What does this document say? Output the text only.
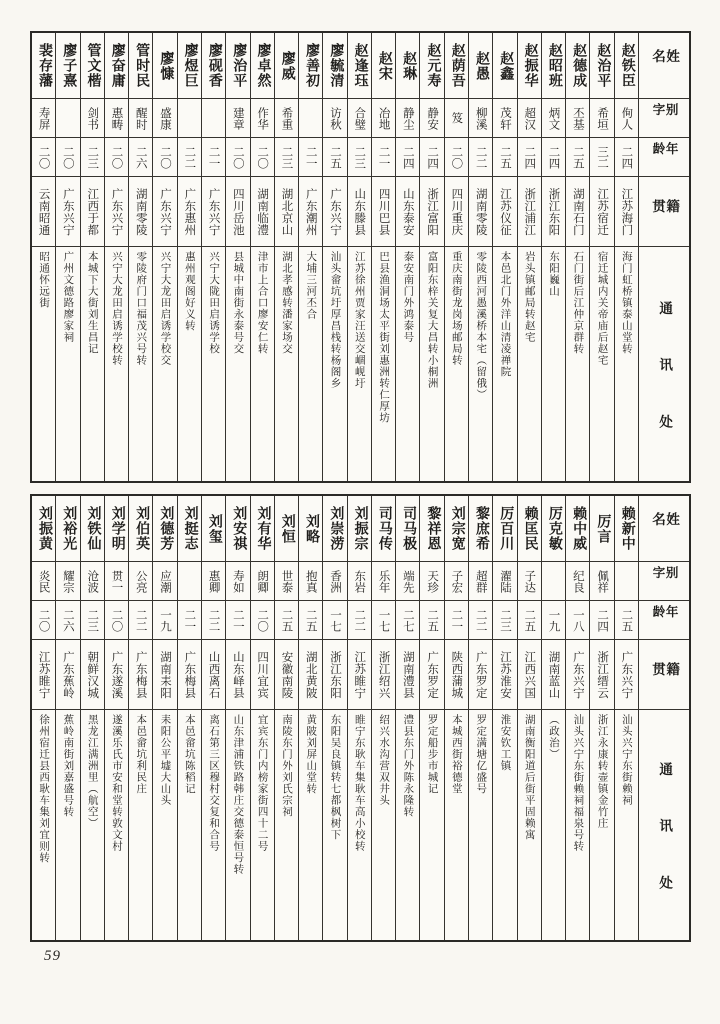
姓名
别字
年龄
籍贯
通讯处
赵铁臣
侚人
二四
江苏海门
海门虹桥镇泰山堂转
赵治平
希垣
三二
江苏宿迁
宿迁城内关帝庙后赵宅
赵德成
丕基
二五
湖南石门
石门街后江仲京群转
赵昭班
炳文
二四
浙江东阳
东阳巍山
赵振华
超汉
二四
浙江浦江
岩头镇邮局转赵宅
赵鑫
茂轩
二五
江苏仪征
本邑北门外洋山清凌禅院
赵愚
柳溪
二二
湖南零陵
零陵西河愚溪桥本宅（留俄）
赵荫吾
笈
二〇
四川重庆
重庆南街龙岗场邮局转
赵元寿
静安
二四
浙江富阳
富阳东梓关复大昌转小桐洲
赵琳
静尘
二四
山东泰安
泰安南门外鸿泰号
赵宋
冶地
二一
四川巴县
巴县渔洞场太平街刘惠洲转仁厚坊
赵逢珏
合璧
二三
山东滕县
江苏徐州贾家汪送交崓岘圩
廖毓清
访秋
二五
广东兴宁
汕头畲坑圩厚昌栈转杨阁乡
廖善初
二一
广东潮州
大埔三河丕合
廖威
希重
二三
湖北京山
湖北孝感转潘家场交
廖卓然
作华
二〇
湖南临澧
津市上合口廖安仁转
廖治平
建章
二〇
四川岳池
县城中南街永泰号交
廖砚香
二一
广东兴宁
兴宁大陇田启诱学校
廖煜巨
二二
广东惠州
惠州观阁好义转
廖慷
盛康
二〇
广东兴宁
兴宁大龙田启诱学校交
管时民
醒时
二六
湖南零陵
零陵府门口福茂兴号转
廖奋庸
惠畴
二〇
广东兴宁
兴宁大龙田启诱学校转
管文楷
剑书
二三
江西于都
本城下大街刘生昌记
廖子熹
二〇
广东兴宁
广州文德路廖家祠
裴存藩
寿屏
二〇
云南昭通
昭通怀远街
姓名
别字
年龄
籍贯
通讯处
赖新中
二五
广东兴宁
汕头兴宁东街赖祠
厉言
佩祥
二四
浙江缙云
浙江永康转壶镇金竹庄
赖中威
纪良
一八
广东兴宁
汕头兴宁东街赖祠福泉号转
厉克敏
一九
湖南蓝山
（政治）
赖匡民
子达
二五
江西兴国
湖南衡阳道后街平固赖寓
厉百川
濯陆
二三
江苏淮安
淮安钦工镇
黎庶希
超群
二二
广东罗定
罗定满塘亿盛号
刘宗宽
子宏
二一
陕西蒲城
本城西街裕德堂
黎祥恩
天珍
二五
广东罗定
罗定船步市城记
司马极
端先
二七
湖南澧县
澧县东门外陈永隆转
司马传
乐年
一七
浙江绍兴
绍兴水沟营双井头
刘振宗
东岩
二二
江苏睢宁
睢宁东耿车集耿车高小校转
刘崇涝
香洲
一七
浙江东阳
东阳吴良镇转七都枫树下
刘略
抱真
二五
湖北黄陂
黄陂刘屏山堂转
刘恒
世泰
二五
安徽南陵
南陵东门外刘氏宗祠
刘有华
朗卿
二〇
四川宜宾
宜宾东门内榜家街四十二号
刘安祺
寿如
二一
山东峄县
山东津浦铁路韩庄交德泰恒号转
刘玺
惠卿
二二
山西离石
离石第三区穆村交复和合号
刘挺志
二一
广东梅县
本邑畲坑陈稻记
刘德芳
应潮
一九
湖南耒阳
耒阳公平墟大山头
刘伯英
公亮
二二
广东梅县
本邑畲坑利民庄
刘学明
贯一
二〇
广东遂溪
遂溪乐氏市安和堂转敦文村
刘铁仙
沧波
二三
朝鲜汉城
黑龙江满洲里（航空）
刘裕光
耀宗
二六
广东蕉岭
蕉岭南街刘嘉盛号转
刘振黄
炎民
二〇
江苏睢宁
徐州宿迁县西耿车集刘宜则转
59
